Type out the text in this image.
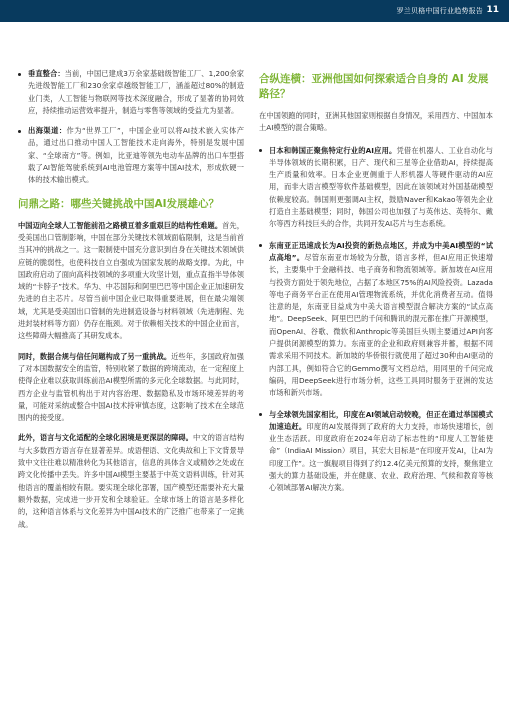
罗兰贝格中国行业趋势报告 11
垂直整合：当前，中国已建成3万余家基础级智能工厂、1,200余家先进级智能工厂和230余家卓越级智能工厂，涵盖超过80%的制造业门类，人工智能与物联网等技术深度融合，形成了显著的协同效应，持续推动运营效率提升，制造与零售等领域的受益尤为显著。
出海渠道：作为“世界工厂”，中国企业可以将AI技术嵌入实体产品，通过出口推动中国人工智能技术走向海外，特别是发展中国家、“全球南方”等。例如，比亚迪等领先电动车品牌的出口车型搭载了AI智能驾驶系统到AI电池管理方案等中国AI技术，形成软硬一体的技术输出模式。
问鼎之路：哪些关键挑战中国AI发展雄心？

中国迈向全球人工智能前沿之路横亘着多重艰巨的结构性难题。首先，受美国出口管制影响，中国在部分关键技术领域面临限制，这是当前首当其冲的挑战之一。这一限制使中国充分意识到自身在关键技术领域供应链的脆弱性，也使科技自立自强成为国家发展的战略支撑。为此，中国政府启动了面向高科技领域的多项重大攻坚计划，重点直指半导体领域的“卡脖子”技术。华为、中芯国际和阿里巴巴等中国企业正加速研发先进的自主芯片。尽管当前中国企业已取得重要进展，但在最尖端领域，尤其是受美国出口管制的先进制造设备与材料领域（先进制程、先进封装材料等方面）仍存在瓶颈。对于依赖相关技术的中国企业而言，这些障碍大幅推高了其研发成本。

同时，数据合规与信任问题构成了另一重挑战。近些年，多国政府加强了对本国数据安全的监管，特别收紧了数据的跨境流动，在一定程度上使得企业难以获取训练前沿AI模型所需的多元化全球数据。与此同时，西方企业与监管机构出于对内容治理、数据隐私及市场环境差异的考量，可能对采纳或整合中国AI技术持审慎态度，这影响了技术在全球范围内的接受度。

此外，语言与文化适配的全球化困境是更深层的障碍。中文的语言结构与大多数西方语言存在显著差异。成语俚语、文化典故和上下文背景导致中文往往难以精准转化为其他语言，信息的具体含义或精妙之处或在跨文化传播中丢失。许多中国AI模型主要基于中英文语料训练，针对其他语言的覆盖相较有限。要实现全球化部署，国产模型还需要补充大量额外数据，完成进一步开发和全球验证。全球市场上的语言是多样化的，这种语言体系与文化差异为中国AI技术的广泛推广也带来了一定挑战。

合纵连横：亚洲他国如何探索适合自身的 AI 发展路径？

在中国领跑的同时，亚洲其他国家则根据自身情况，采用西方、中国加本土AI模型的混合策略。

日本和韩国正聚焦特定行业的AI应用。凭借在机器人、工业自动化与半导体领域的长期积累，日产、现代和三星等企业借助AI，持续提高生产质量和效率。日本企业更侧重于人形机器人等硬件驱动的AI应用，而非大语言模型等软件基础模型，因此在该领域对外国基础模型依赖度较高。韩国则更强调AI主权，鼓励Naver和Kakao等领先企业打造自主基础模型；同时，韩国公司也加强了与英伟达、英特尔、戴尔等西方科技巨头的合作，共同开发AI芯片与生态系统。
东南亚正迅速成长为AI投资的新热点地区，并成为中美AI模型的“试点高地”。尽管东南亚市场较为分散，语言多样，但AI应用正快速增长，主要集中于金融科技、电子商务和物流领域等。新加坡在AI应用与投资方面处于领先地位，占据了本地区75%的AI风险投资。Lazada等电子商务平台正在使用AI管理物流系统，并优化消费者互动。值得注意的是，东南亚目益成为中美大语言模型混合解决方案的“试点高地”。DeepSeek、阿里巴巴的千问和腾讯的混元都在推广开源模型，而OpenAI、谷歌、微软和Anthropic等美国巨头则主要通过API向客户提供闭源模型的算力。东南亚的企业和政府则兼容并蓄，根据不同需求采用不同技术。新加坡的华侨银行就使用了超过30种由AI驱动的内部工具，例如符合它的Gemmo撰写文档总结，用同里的千问完成编码，用DeepSeek进行市场分析，这些工具同时服务于亚洲的发达市场和新兴市场。
与全球领先国家相比，印度在AI领域启动较晚，但正在通过举国模式加速追赶。印度的AI发展得到了政府的大力支持，市场快速增长，创业生态活跃。印度政府在2024年启动了标志性的“印度人工智能使命”（IndiaAI Mission）项目，其宏大目标是“在印度开发AI，让AI为印度工作”。这一旗舰项目得到了约12.4亿美元预算的支持，聚焦建立强大的算力基础设施，并在健康、农业、政府治理、气候和教育等核心领域部署AI解决方案。
